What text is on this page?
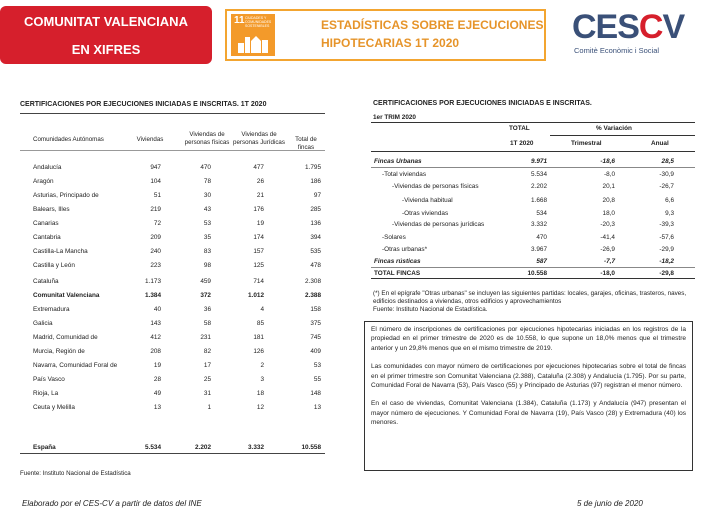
COMUNITAT VALENCIANA
EN XIFRES
11 CIUDADES Y COMUNIDADES SOSTENIBLES	ESTADÍSTICAS SOBRE EJECUCIONES
HIPOTECARIAS 1T 2020	CESCV
Comitè Econòmic i Social
CERTIFICACIONES POR EJECUCIONES INICIADAS E INSCRITAS. 1T 2020
Comunidades Autónomas	Viviendas
Viviendas de personas físicas
Viviendas de personas Jurídicas	Total de fincas
Andalucía	947	470	477	1.795
Aragón	104	78	26	186
Asturias, Principado de	51	30	21	97
Balears, Illes	219	43	176	285
Canarias	72	53	19	136
Cantabria	209	35	174	394
Castilla-La Mancha	240	83	157	535
Castilla y León	223	98	125	478
Cataluña	1.173	459	714	2.308
Comunitat Valenciana	1.384	372	1.012	2.388
Extremadura	40	36	4	158
Galicia	143	58	85	375
Madrid, Comunidad de	412	231	181	745
Murcia, Región de	208	82	126	409
Navarra, Comunidad Foral de	19	17	2	53
País Vasco	28	25	3	55
Rioja, La	49	31	18	148
Ceuta y Melilla	13	1	12	13
España	5.534	2.202	3.332	10.558
Fuente: Instituto Nacional de Estadística
CERTIFICACIONES POR EJECUCIONES INICIADAS E INSCRITAS.
1er TRIM 2020
TOTAL	% Variación
1T 2020	Trimestral	Anual
Fincas Urbanas	9.971	-18,6	28,5
-Total viviendas	5.534	-8,0	-30,9
-Viviendas de personas físicas	2.202	20,1	-26,7
-Vivienda habitual	1.668	20,8	6,6
-Otras viviendas	534	18,0	9,3
-Viviendas de personas jurídicas	3.332	-20,3	-39,3
-Solares	470	-41,4	-57,6
-Otras urbanas*	3.967	-26,9	-29,9
Fincas rústicas	587	-7,7	-18,2
TOTAL FINCAS	10.558	-18,0	-29,8
(*) En el epígrafe "Otras urbanas" se incluyen las siguientes partidas: locales, garajes, oficinas, trasteros, naves, edificios destinados a viviendas, otros edificios y aprovechamientos
Fuente: Instituto Nacional de Estadística.

El número de inscripciones de certificaciones por ejecuciones hipotecarias iniciadas en los registros de la propiedad en el primer trimestre de 2020 es de 10.558, lo que supone un 18,0% menos que el trimestre anterior y un 29,8% menos que en el mismo trimestre de 2019.

Las comunidades con mayor número de certificaciones por ejecuciones hipotecarias sobre el total de fincas en el primer trimestre son Comunitat Valenciana (2.388), Cataluña (2.308) y Andalucía (1.795). Por su parte, Comunidad Foral de Navarra (53), País Vasco (55) y Principado de Asturias (97) registran el menor número.

En el caso de viviendas, Comunitat Valenciana (1.384), Cataluña (1.173) y Andalucía (947) presentan el mayor número de ejecuciones. Y Comunidad Foral de Navarra (19), País Vasco (28) y Extremadura (40) los menores.

Elaborado por el CES-CV a partir de datos del INE	5 de junio de 2020
